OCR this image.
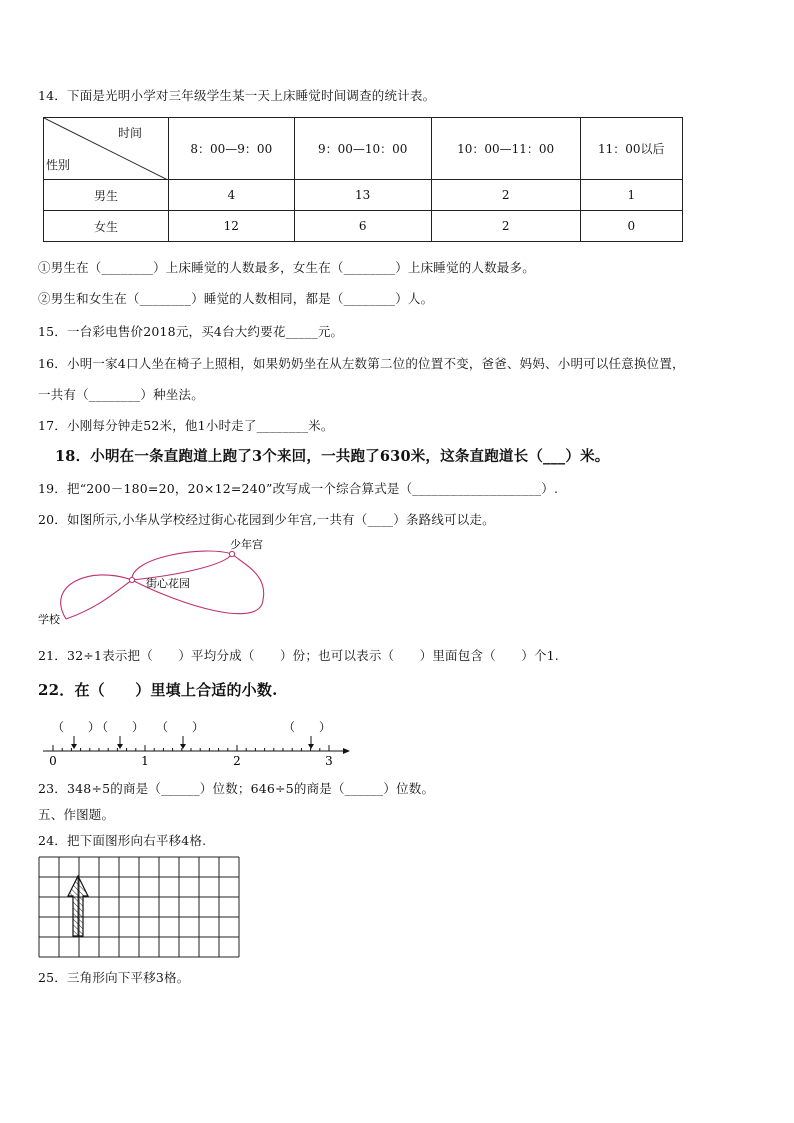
14．下面是光明小学对三年级学生某一天上床睡觉时间调查的统计表。
时间
性别	8：00—9：00	9：00—10：00	10：00—11：00	11：00以后
男生	4	13	2	1
女生	12	6	2	0
①男生在（________）上床睡觉的人数最多，女生在（________）上床睡觉的人数最多。
②男生和女生在（________）睡觉的人数相同，都是（________）人。
15．一台彩电售价2018元，买4台大约要花_____元。
16．小明一家4口人坐在椅子上照相，如果奶奶坐在从左数第二位的位置不变，爸爸、妈妈、小明可以任意换位置，
一共有（________）种坐法。
17．小刚每分钟走52米，他1小时走了________米。
18．小明在一条直跑道上跑了3个来回，一共跑了630米，这条直跑道长（___）米。
19．把“200－180=20，20×12=240”改写成一个综合算式是（____________________）.
20．如图所示,小华从学校经过街心花园到少年宫,一共有（____）条路线可以走。
学校
街心花园
少年宫
21．32÷1表示把（　　）平均分成（　　）份；也可以表示（　　）里面包含（　　）个1.
22．在（　　）里填上合适的小数.
（　　）
（　　） （　　）	（　　）
0	1	2	3
23．348÷5的商是（______）位数；646÷5的商是（______）位数。
五、作图题。
24．把下面图形向右平移4格.
25．三角形向下平移3格。
